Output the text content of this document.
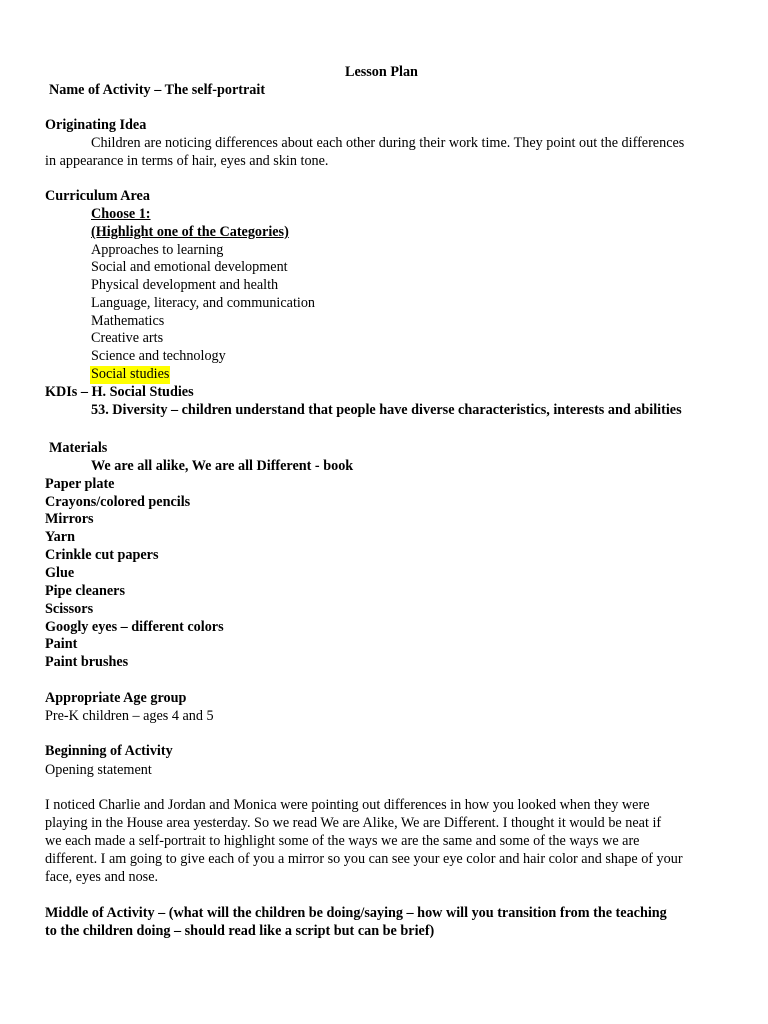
Lesson Plan
Name of Activity – The self-portrait
Originating Idea
Children are noticing differences about each other during their work time. They point out the differences
in appearance in terms of hair, eyes and skin tone.
Curriculum Area
Choose 1:
(Highlight one of the Categories)
Approaches to learning
Social and emotional development
Physical development and health
Language, literacy, and communication
Mathematics
Creative arts
Science and technology
Social studies
KDIs – H. Social Studies
53. Diversity – children understand that people have diverse characteristics, interests and abilities
Materials
We are all alike, We are all Different - book
Paper plate
Crayons/colored pencils
Mirrors
Yarn
Crinkle cut papers
Glue
Pipe cleaners
Scissors
Googly eyes – different colors
Paint
Paint brushes
Appropriate Age group
Pre-K children – ages 4 and 5
Beginning of Activity
Opening statement
I noticed Charlie and Jordan and Monica were pointing out differences in how you looked when they were
playing in the House area yesterday. So we read We are Alike, We are Different. I thought it would be neat if
we each made a self-portrait to highlight some of the ways we are the same and some of the ways we are
different. I am going to give each of you a mirror so you can see your eye color and hair color and shape of your
face, eyes and nose.
Middle of Activity – (what will the children be doing/saying – how will you transition from the teaching
to the children doing – should read like a script but can be brief)
